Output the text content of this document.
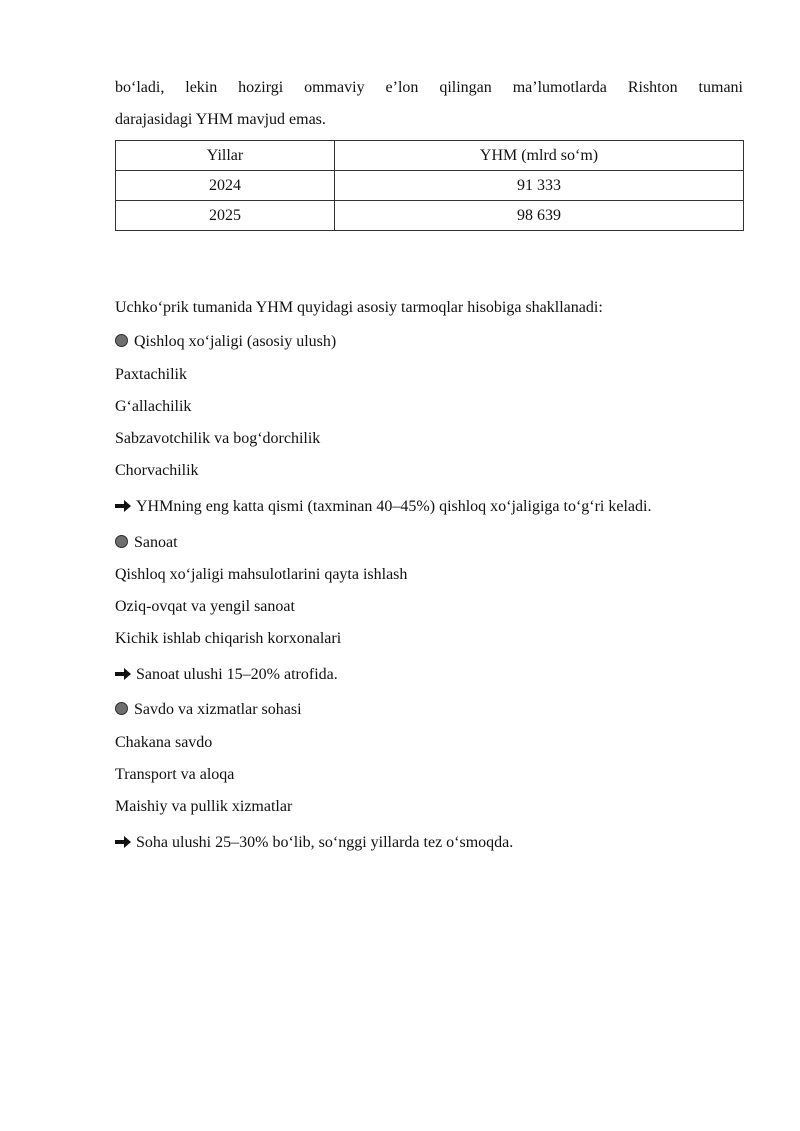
bo‘ladi, lekin hozirgi ommaviy e’lon qilingan ma’lumotlarda Rishton tumani
darajasidagi YHM mavjud emas.

Yillar	YHM (mlrd so‘m)
2024	91 333
2025	98 639
Uchko‘prik tumanida YHM quyidagi asosiy tarmoqlar hisobiga shakllanadi:
Qishloq xo‘jaligi (asosiy ulush)
Paxtachilik
G‘allachilik
Sabzavotchilik va bog‘dorchilik
Chorvachilik
YHMning eng katta qismi (taxminan 40–45%) qishloq xo‘jaligiga to‘g‘ri keladi.
Sanoat
Qishloq xo‘jaligi mahsulotlarini qayta ishlash
Oziq-ovqat va yengil sanoat
Kichik ishlab chiqarish korxonalari
Sanoat ulushi 15–20% atrofida.
Savdo va xizmatlar sohasi
Chakana savdo
Transport va aloqa
Maishiy va pullik xizmatlar
Soha ulushi 25–30% bo‘lib, so‘nggi yillarda tez o‘smoqda.
